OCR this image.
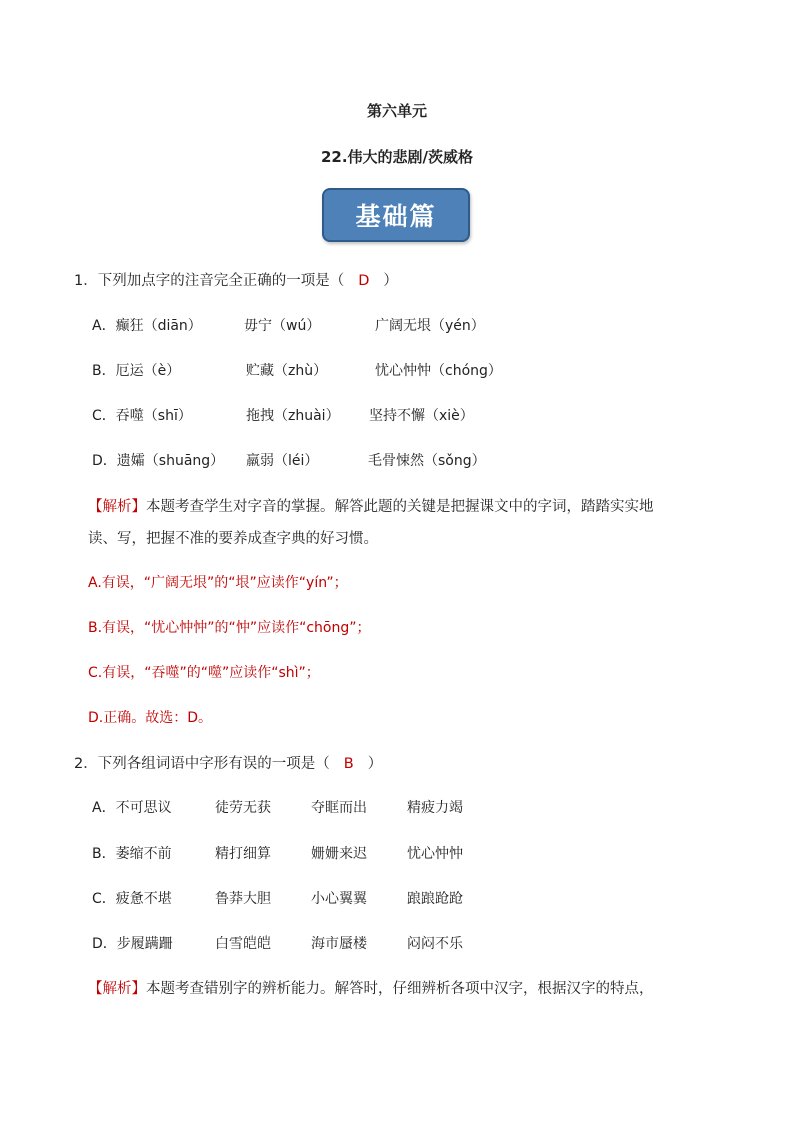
第六单元
22.伟大的悲剧/茨威格
基础篇
1．下列加点字的注音完全正确的一项是（ D ）
A．癫狂（diān）	毋宁（wú）	广阔无垠（yén）
B．厄运（è）	贮藏（zhù）	忧心忡忡（chóng）
C．吞噬（shī）	拖拽（zhuài） 坚持不懈（xiè）
D．遗孀（shuāng） 羸弱（léi）	毛骨悚然（sǒng）
【解析】本题考查学生对字音的掌握。解答此题的关键是把握课文中的字词，踏踏实实地
读、写，把握不准的要养成查字典的好习惯。
A.有误，“广阔无垠”的“垠”应读作“yín”；
B.有误，“忧心忡忡”的“忡”应读作“chōng”；
C.有误，“吞噬”的“噬”应读作“shì”；
D.正确。故选：D。
2．下列各组词语中字形有误的一项是（ B ）
A．不可思议	徒劳无获	夺眶而出	精疲力竭
B．萎缩不前	精打细算	姗姗来迟	忧心忡忡
C．疲惫不堪	鲁莽大胆	小心翼翼	踉踉跄跄
D．步履蹒跚	白雪皑皑	海市蜃楼	闷闷不乐
【解析】本题考查错别字的辨析能力。解答时，仔细辨析各项中汉字，根据汉字的特点，
